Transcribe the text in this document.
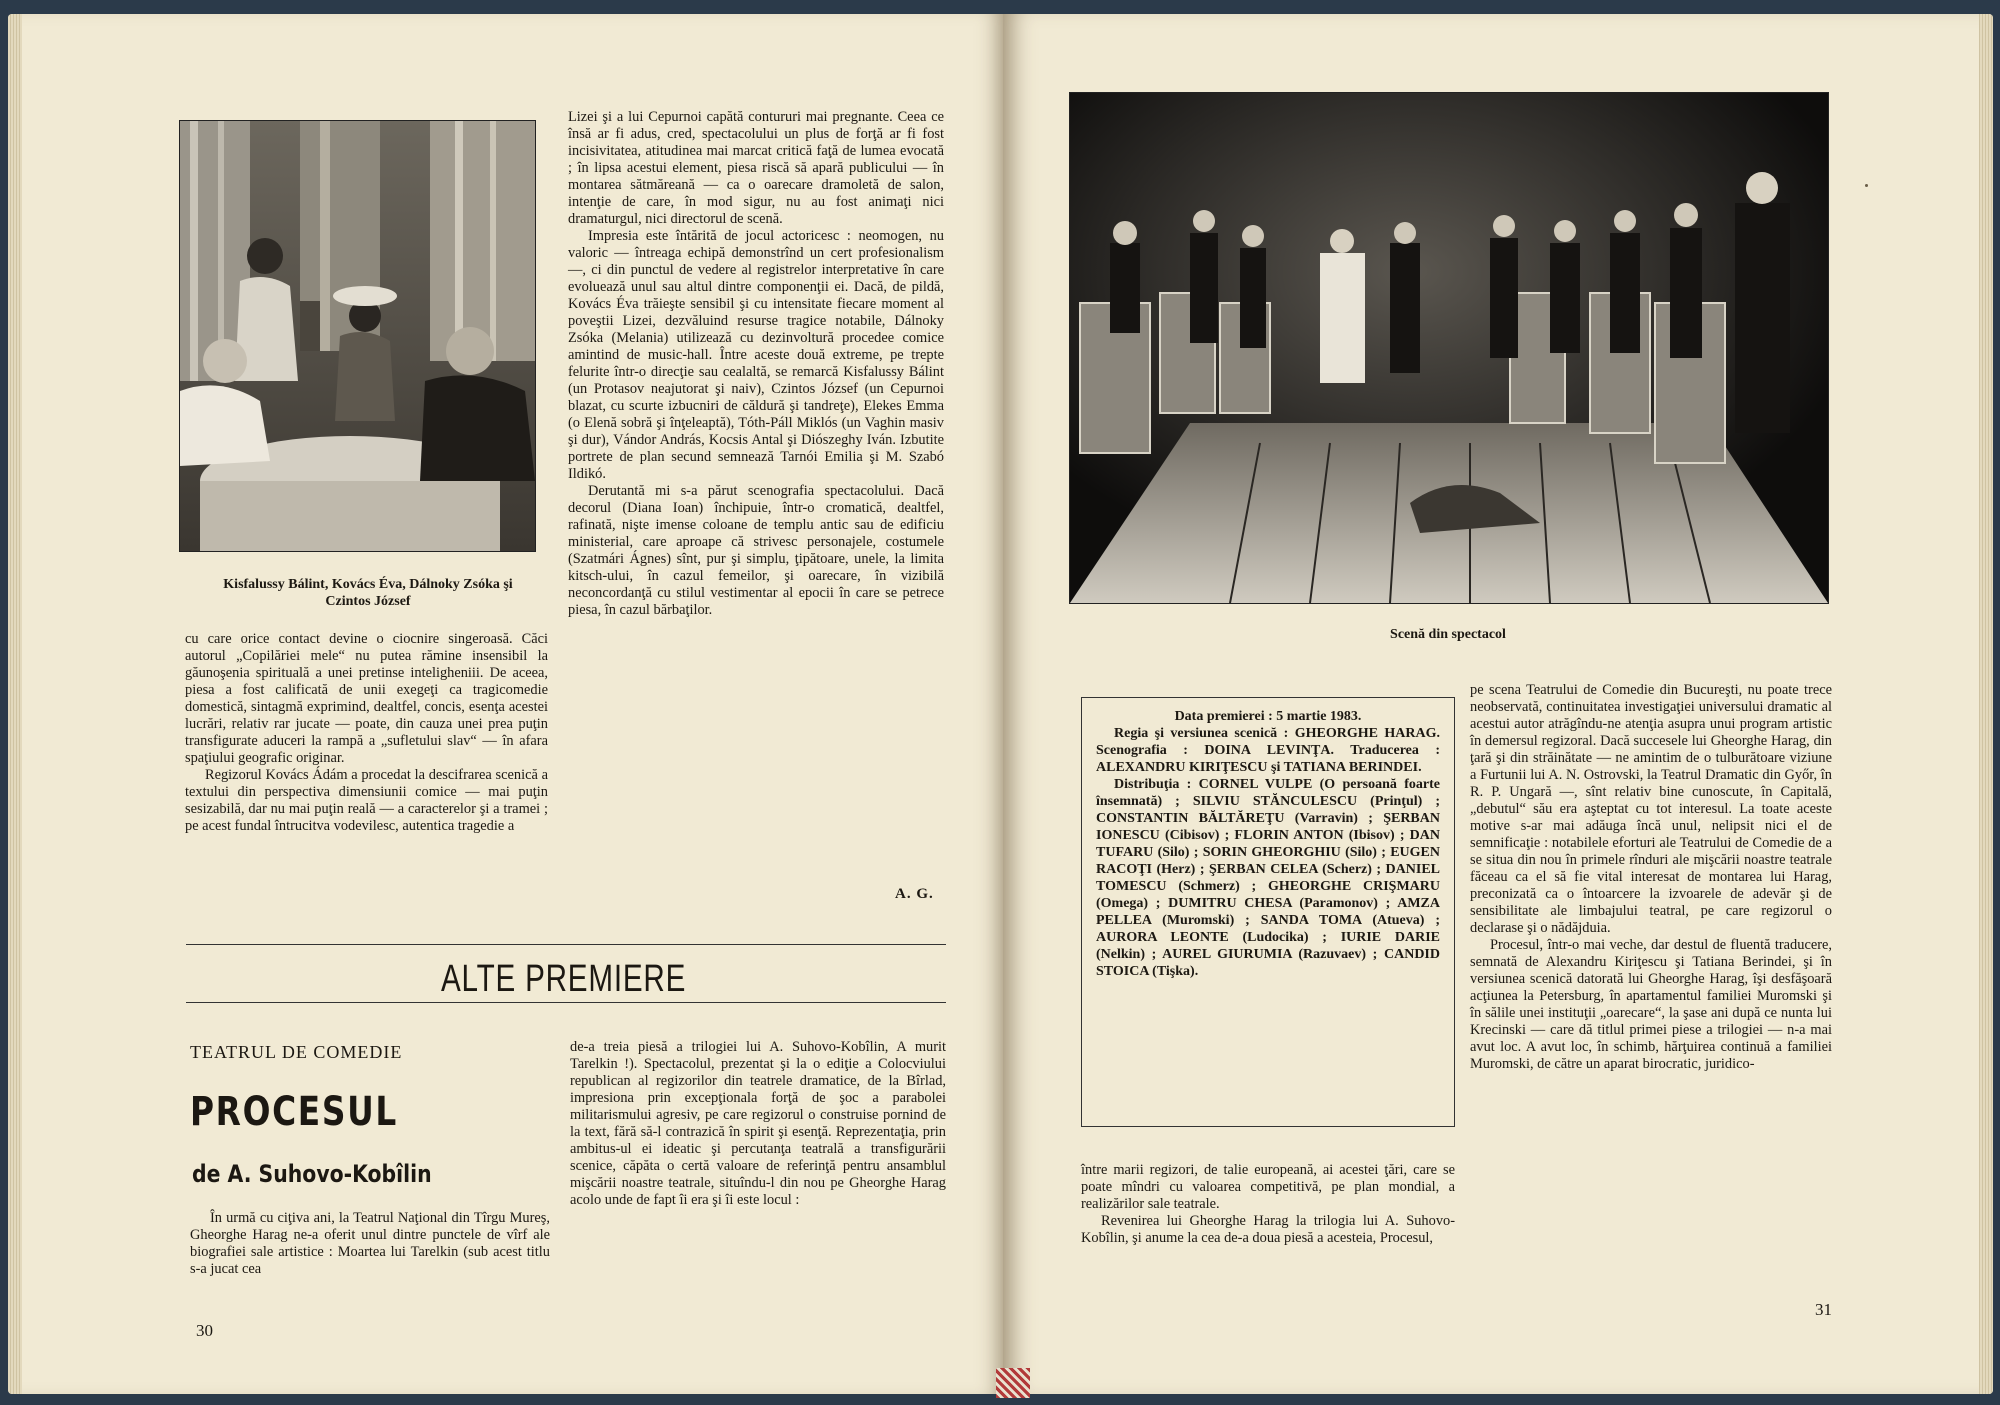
Kisfalussy Bálint, Kovács Éva, Dálnoky Zsóka şi Czintos József

cu care orice contact devine o ciocnire singeroasă. Căci autorul „Copilăriei mele“ nu putea rămine insensibil la găunoşenia spirituală a unei pretinse inteligheniii. De aceea, piesa a fost calificată de unii exegeţi ca tragicomedie domestică, sintagmă exprimind, dealtfel, concis, esenţa acestei lucrări, relativ rar jucate — poate, din cauza unei prea puţin transfigurate aduceri la rampă a „sufletului slav“ — în afara spaţiului geografic originar.

Regizorul Kovács Ádám a procedat la descifrarea scenică a textului din perspectiva dimensiunii comice — mai puţin sesizabilă, dar nu mai puţin reală — a caracterelor şi a tramei ; pe acest fundal întrucitva vodevilesc, autentica tragedie a

Lizei şi a lui Cepurnoi capătă contururi mai pregnante. Ceea ce însă ar fi adus, cred, spectacolului un plus de forţă ar fi fost incisivitatea, atitudinea mai marcat critică faţă de lumea evocată ; în lipsa acestui element, piesa riscă să apară publicului — în montarea sătmăreană — ca o oarecare dramoletă de salon, intenţie de care, în mod sigur, nu au fost animaţi nici dramaturgul, nici directorul de scenă.

Impresia este întărită de jocul actoricesc : neomogen, nu valoric — întreaga echipă demonstrînd un cert profesionalism —, ci din punctul de vedere al registrelor interpretative în care evoluează unul sau altul dintre componenţii ei. Dacă, de pildă, Kovács Éva trăieşte sensibil şi cu intensitate fiecare moment al poveştii Lizei, dezvăluind resurse tragice notabile, Dálnoky Zsóka (Melania) utilizează cu dezinvoltură procedee comice amintind de music-hall. Între aceste două extreme, pe trepte felurite într-o direcţie sau cealaltă, se remarcă Kisfalussy Bálint (un Protasov neajutorat şi naiv), Czintos József (un Cepurnoi blazat, cu scurte izbucniri de căldură şi tandreţe), Elekes Emma (o Elenă sobră şi înţeleaptă), Tóth-Páll Miklós (un Vaghin masiv şi dur), Vándor András, Kocsis Antal şi Diószeghy Iván. Izbutite portrete de plan secund semnează Tarnói Emilia şi M. Szabó Ildikó.

Derutantă mi s-a părut scenografia spectacolului. Dacă decorul (Diana Ioan) închipuie, într-o cromatică, dealtfel, rafinată, nişte imense coloane de templu antic sau de edificiu ministerial, care aproape că strivesc personajele, costumele (Szatmári Ágnes) sînt, pur şi simplu, ţipătoare, unele, la limita kitsch-ului, în cazul femeilor, şi oarecare, în vizibilă neconcordanţă cu stilul vestimentar al epocii în care se petrece piesa, în cazul bărbaţilor.

A. G.
ALTE PREMIERE
TEATRUL DE COMEDIE
PROCESUL
de A. Suhovo-Kobîlin

În urmă cu ciţiva ani, la Teatrul Naţional din Tîrgu Mureş, Gheorghe Harag ne-a oferit unul dintre punctele de vîrf ale biografiei sale artistice : Moartea lui Tarelkin (sub acest titlu s-a jucat cea

de-a treia piesă a trilogiei lui A. Suhovo-Kobîlin, A murit Tarelkin !). Spectacolul, prezentat şi la o ediţie a Colocviului republican al regizorilor din teatrele dramatice, de la Bîrlad, impresiona prin excepţionala forţă de şoc a parabolei militarismului agresiv, pe care regizorul o construise pornind de la text, fără să-l contrazică în spirit şi esenţă. Reprezentaţia, prin ambitus-ul ei ideatic şi percutanţa teatrală a transfigurării scenice, căpăta o certă valoare de referinţă pentru ansamblul mişcării noastre teatrale, situîndu-l din nou pe Gheorghe Harag acolo unde de fapt îi era şi îi este locul :

30
Scenă din spectacol

Data premierei : 5 martie 1983.

Regia şi versiunea scenică : GHEORGHE HARAG. Scenografia : DOINA LEVINŢA. Traducerea : ALEXANDRU KIRIŢESCU şi TATIANA BERINDEI.

Distribuţia : CORNEL VULPE (O persoană foarte însemnată) ; SILVIU STĂNCULESCU (Prinţul) ; CONSTANTIN BĂLTĂREŢU (Varravin) ; ŞERBAN IONESCU (Cibisov) ; FLORIN ANTON (Ibisov) ; DAN TUFARU (Silo) ; SORIN GHEORGHIU (Silo) ; EUGEN RACOŢI (Herz) ; ŞERBAN CELEA (Scherz) ; DANIEL TOMESCU (Schmerz) ; GHEORGHE CRIŞMARU (Omega) ; DUMITRU CHESA (Paramonov) ; AMZA PELLEA (Muromski) ; SANDA TOMA (Atueva) ; AURORA LEONTE (Ludocika) ; IURIE DARIE (Nelkin) ; AUREL GIURUMIA (Razuvaev) ; CANDID STOICA (Tişka).

între marii regizori, de talie europeană, ai acestei ţări, care se poate mîndri cu valoarea competitivă, pe plan mondial, a realizărilor sale teatrale.

Revenirea lui Gheorghe Harag la trilogia lui A. Suhovo-Kobîlin, şi anume la cea de-a doua piesă a acesteia, Procesul,

pe scena Teatrului de Comedie din Bucureşti, nu poate trece neobservată, continuitatea investigaţiei universului dramatic al acestui autor atrăgîndu-ne atenţia asupra unui program artistic în demersul regizoral. Dacă succesele lui Gheorghe Harag, din ţară şi din străinătate — ne amintim de o tulburătoare viziune a Furtunii lui A. N. Ostrovski, la Teatrul Dramatic din Győr, în R. P. Ungară —, sînt relativ bine cunoscute, în Capitală, „debutul“ său era aşteptat cu tot interesul. La toate aceste motive s-ar mai adăuga încă unul, nelipsit nici el de semnificaţie : notabilele eforturi ale Teatrului de Comedie de a se situa din nou în primele rînduri ale mişcării noastre teatrale făceau ca el să fie vital interesat de montarea lui Harag, preconizată ca o întoarcere la izvoarele de adevăr şi de sensibilitate ale limbajului teatral, pe care regizorul o declarase şi o nădăjduia.

Procesul, într-o mai veche, dar destul de fluentă traducere, semnată de Alexandru Kiriţescu şi Tatiana Berindei, şi în versiunea scenică datorată lui Gheorghe Harag, îşi desfăşoară acţiunea la Petersburg, în apartamentul familiei Muromski şi în sălile unei instituţii „oarecare“, la şase ani după ce nunta lui Krecinski — care dă titlul primei piese a trilogiei — n-a mai avut loc. A avut loc, în schimb, hărţuirea continuă a familiei Muromski, de către un aparat birocratic, juridico-

31
